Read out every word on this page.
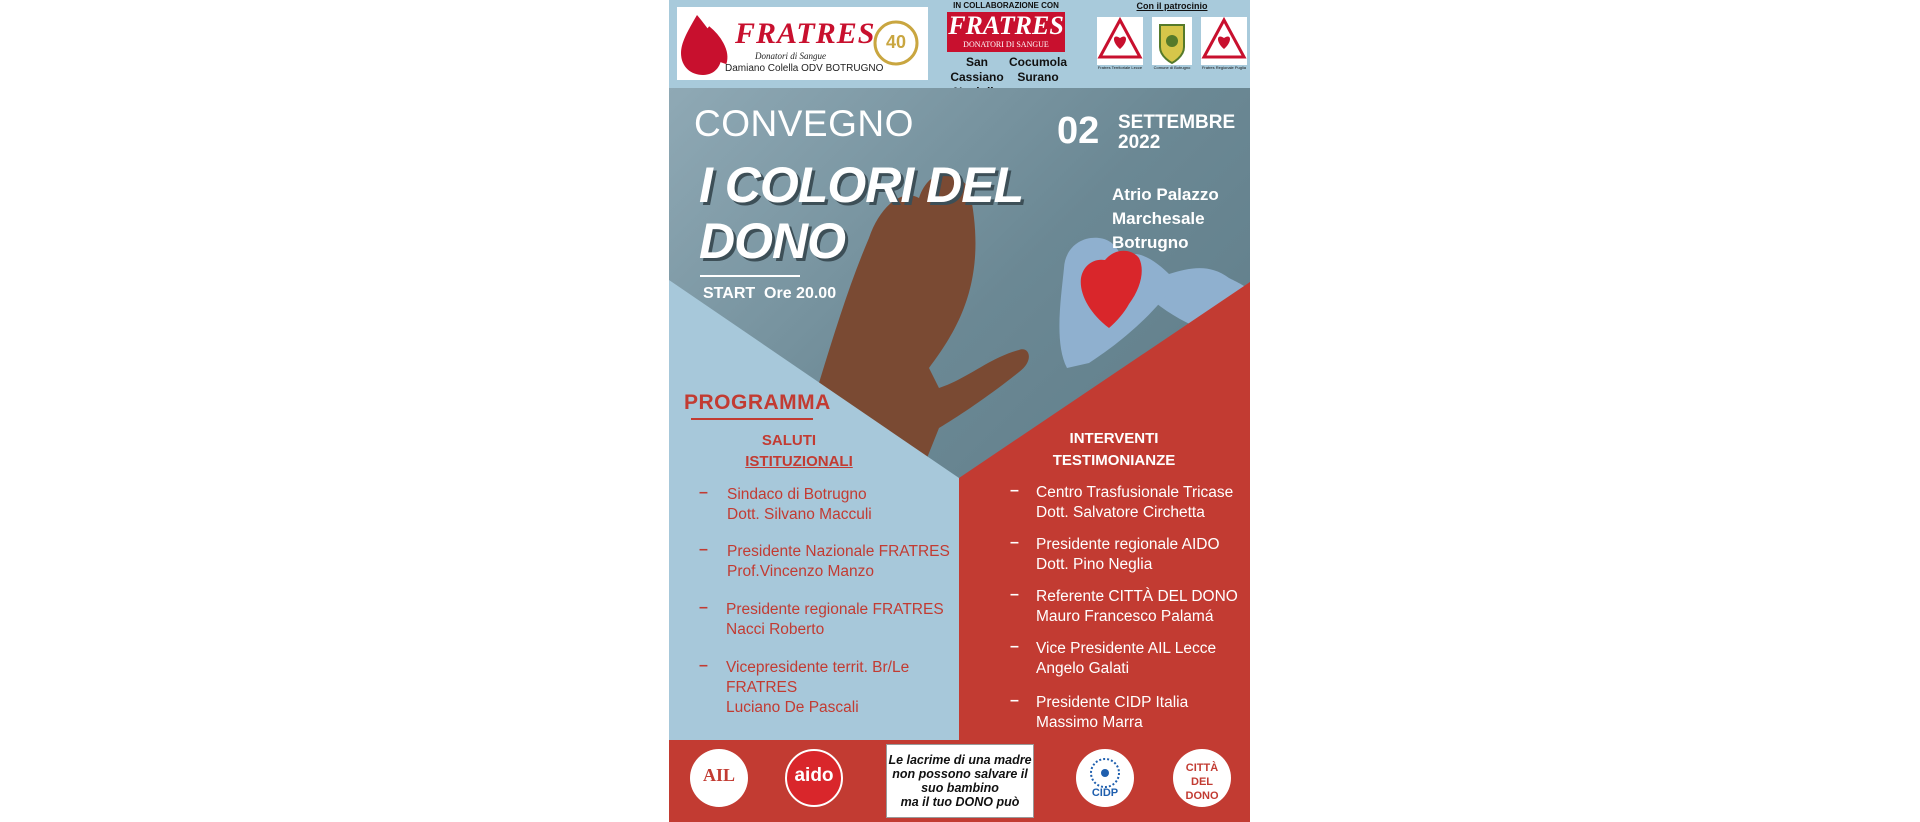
FRATRES
Donatori di Sangue
Damiano Colella ODV BOTRUGNO
40
IN COLLABORAZIONE CON
FRATRES
DONATORI DI SANGUE
San Cassiano
Cocumola
Surano
Con il patrocinio
Fratres Territoriale Lecce	Comune di Botrugno	Fratres Regionale Puglia
CONVEGNO
I COLORI DEL
DONO
START Ore 20.00
02 SETTEMBRE
2022
Atrio Palazzo
Marchesale
Botrugno
PROGRAMMA
SALUTI
ISTITUZIONALI
– Sindaco di Botrugno
Dott. Silvano Macculi
– Presidente Nazionale FRATRES
Prof.Vincenzo Manzo
– Presidente regionale FRATRES
Nacci Roberto
– Vicepresidente territ. Br/Le
FRATRES
Luciano De Pascali
INTERVENTI
TESTIMONIANZE
– Centro Trasfusionale Tricase
Dott. Salvatore Circhetta
– Presidente regionale AIDO
Dott. Pino Neglia
– Referente CITTÀ DEL DONO
Mauro Francesco Palamá
– Vice Presidente AIL Lecce
Angelo Galati
– Presidente CIDP Italia
Massimo Marra
AIL	aido
Le lacrime di una madre
non possono salvare il
suo bambino
ma il tuo DONO può
CIDP
CITTÀ DEL DONO
